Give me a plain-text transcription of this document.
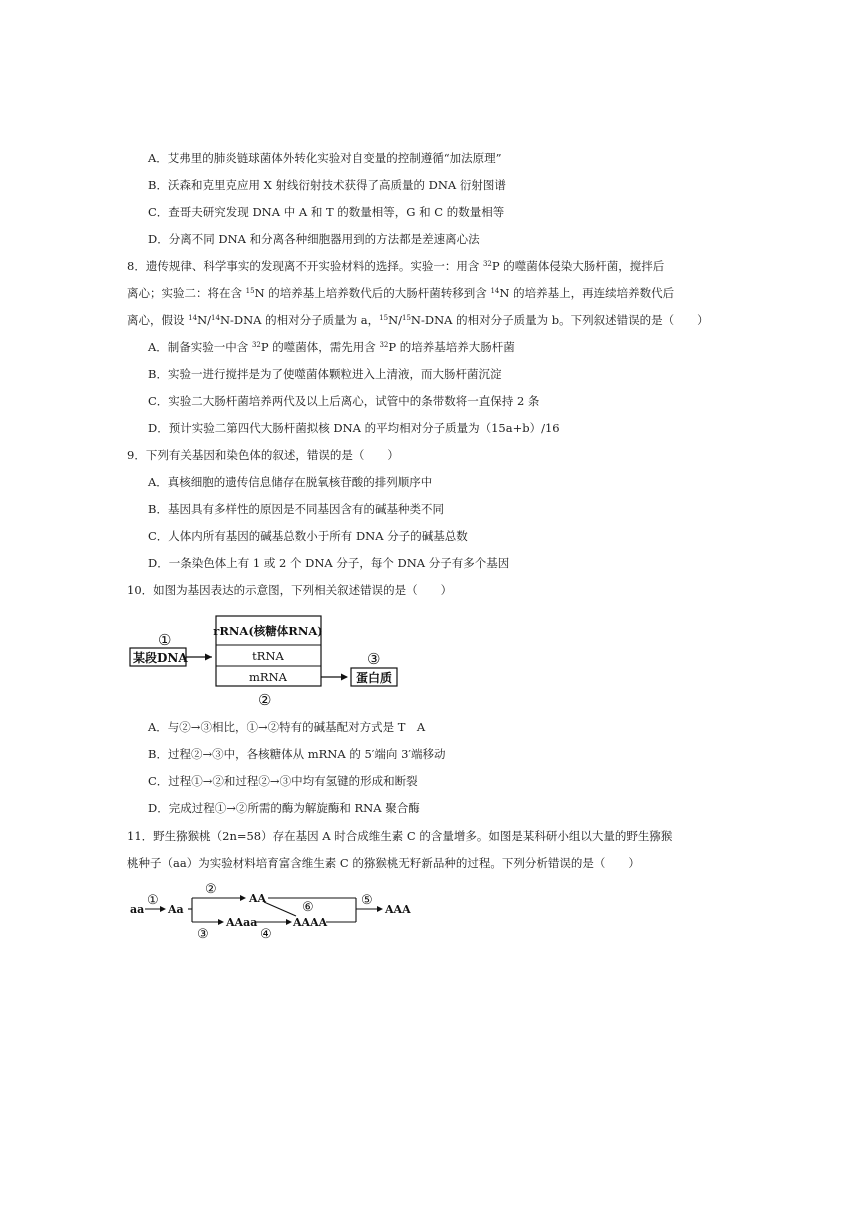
A．艾弗里的肺炎链球菌体外转化实验对自变量的控制遵循“加法原理”
B．沃森和克里克应用 X 射线衍射技术获得了高质量的 DNA 衍射图谱
C．查哥夫研究发现 DNA 中 A 和 T 的数量相等，G 和 C 的数量相等
D．分离不同 DNA 和分离各种细胞器用到的方法都是差速离心法
8．遗传规律、科学事实的发现离不开实验材料的选择。实验一：用含 $^{32}$P 的噬菌体侵染大肠杆菌，搅拌后
离心；实验二：将在含 $^{15}$N 的培养基上培养数代后的大肠杆菌转移到含 $^{14}$N 的培养基上，再连续培养数代后
离心，假设 $^{14}$N/$^{14}$N-DNA 的相对分子质量为 a，$^{15}$N/$^{15}$N-DNA 的相对分子质量为 b。下列叙述错误的是（　　）
A．制备实验一中含 $^{32}$P 的噬菌体，需先用含 $^{32}$P 的培养基培养大肠杆菌
B．实验一进行搅拌是为了使噬菌体颗粒进入上清液，而大肠杆菌沉淀
C．实验二大肠杆菌培养两代及以上后离心，试管中的条带数将一直保持 2 条
D．预计实验二第四代大肠杆菌拟核 DNA 的平均相对分子质量为（15a+b）/16
9．下列有关基因和染色体的叙述，错误的是（　　）
A．真核细胞的遗传信息储存在脱氧核苷酸的排列顺序中
B．基因具有多样性的原因是不同基因含有的碱基种类不同
C．人体内所有基因的碱基总数小于所有 DNA 分子的碱基总数
D．一条染色体上有 1 或 2 个 DNA 分子，每个 DNA 分子有多个基因
10．如图为基因表达的示意图，下列相关叙述错误的是（　　）
①
某段DNA
rRNA(核糖体RNA)
tRNA
mRNA
②
③
蛋白质
aa
①
Aa
②
AA
③
AAaa
④
AAAA
⑥	⑤
AAA
A．与②→③相比，①→②特有的碱基配对方式是 T　A
B．过程②→③中，各核糖体从 mRNA 的 5′端向 3′端移动
C．过程①→②和过程②→③中均有氢键的形成和断裂
D．完成过程①→②所需的酶为解旋酶和 RNA 聚合酶
11．野生猕猴桃（2n=58）存在基因 A 时合成维生素 C 的含量增多。如图是某科研小组以大量的野生猕猴
桃种子（aa）为实验材料培育富含维生素 C 的猕猴桃无籽新品种的过程。下列分析错误的是（　　）
